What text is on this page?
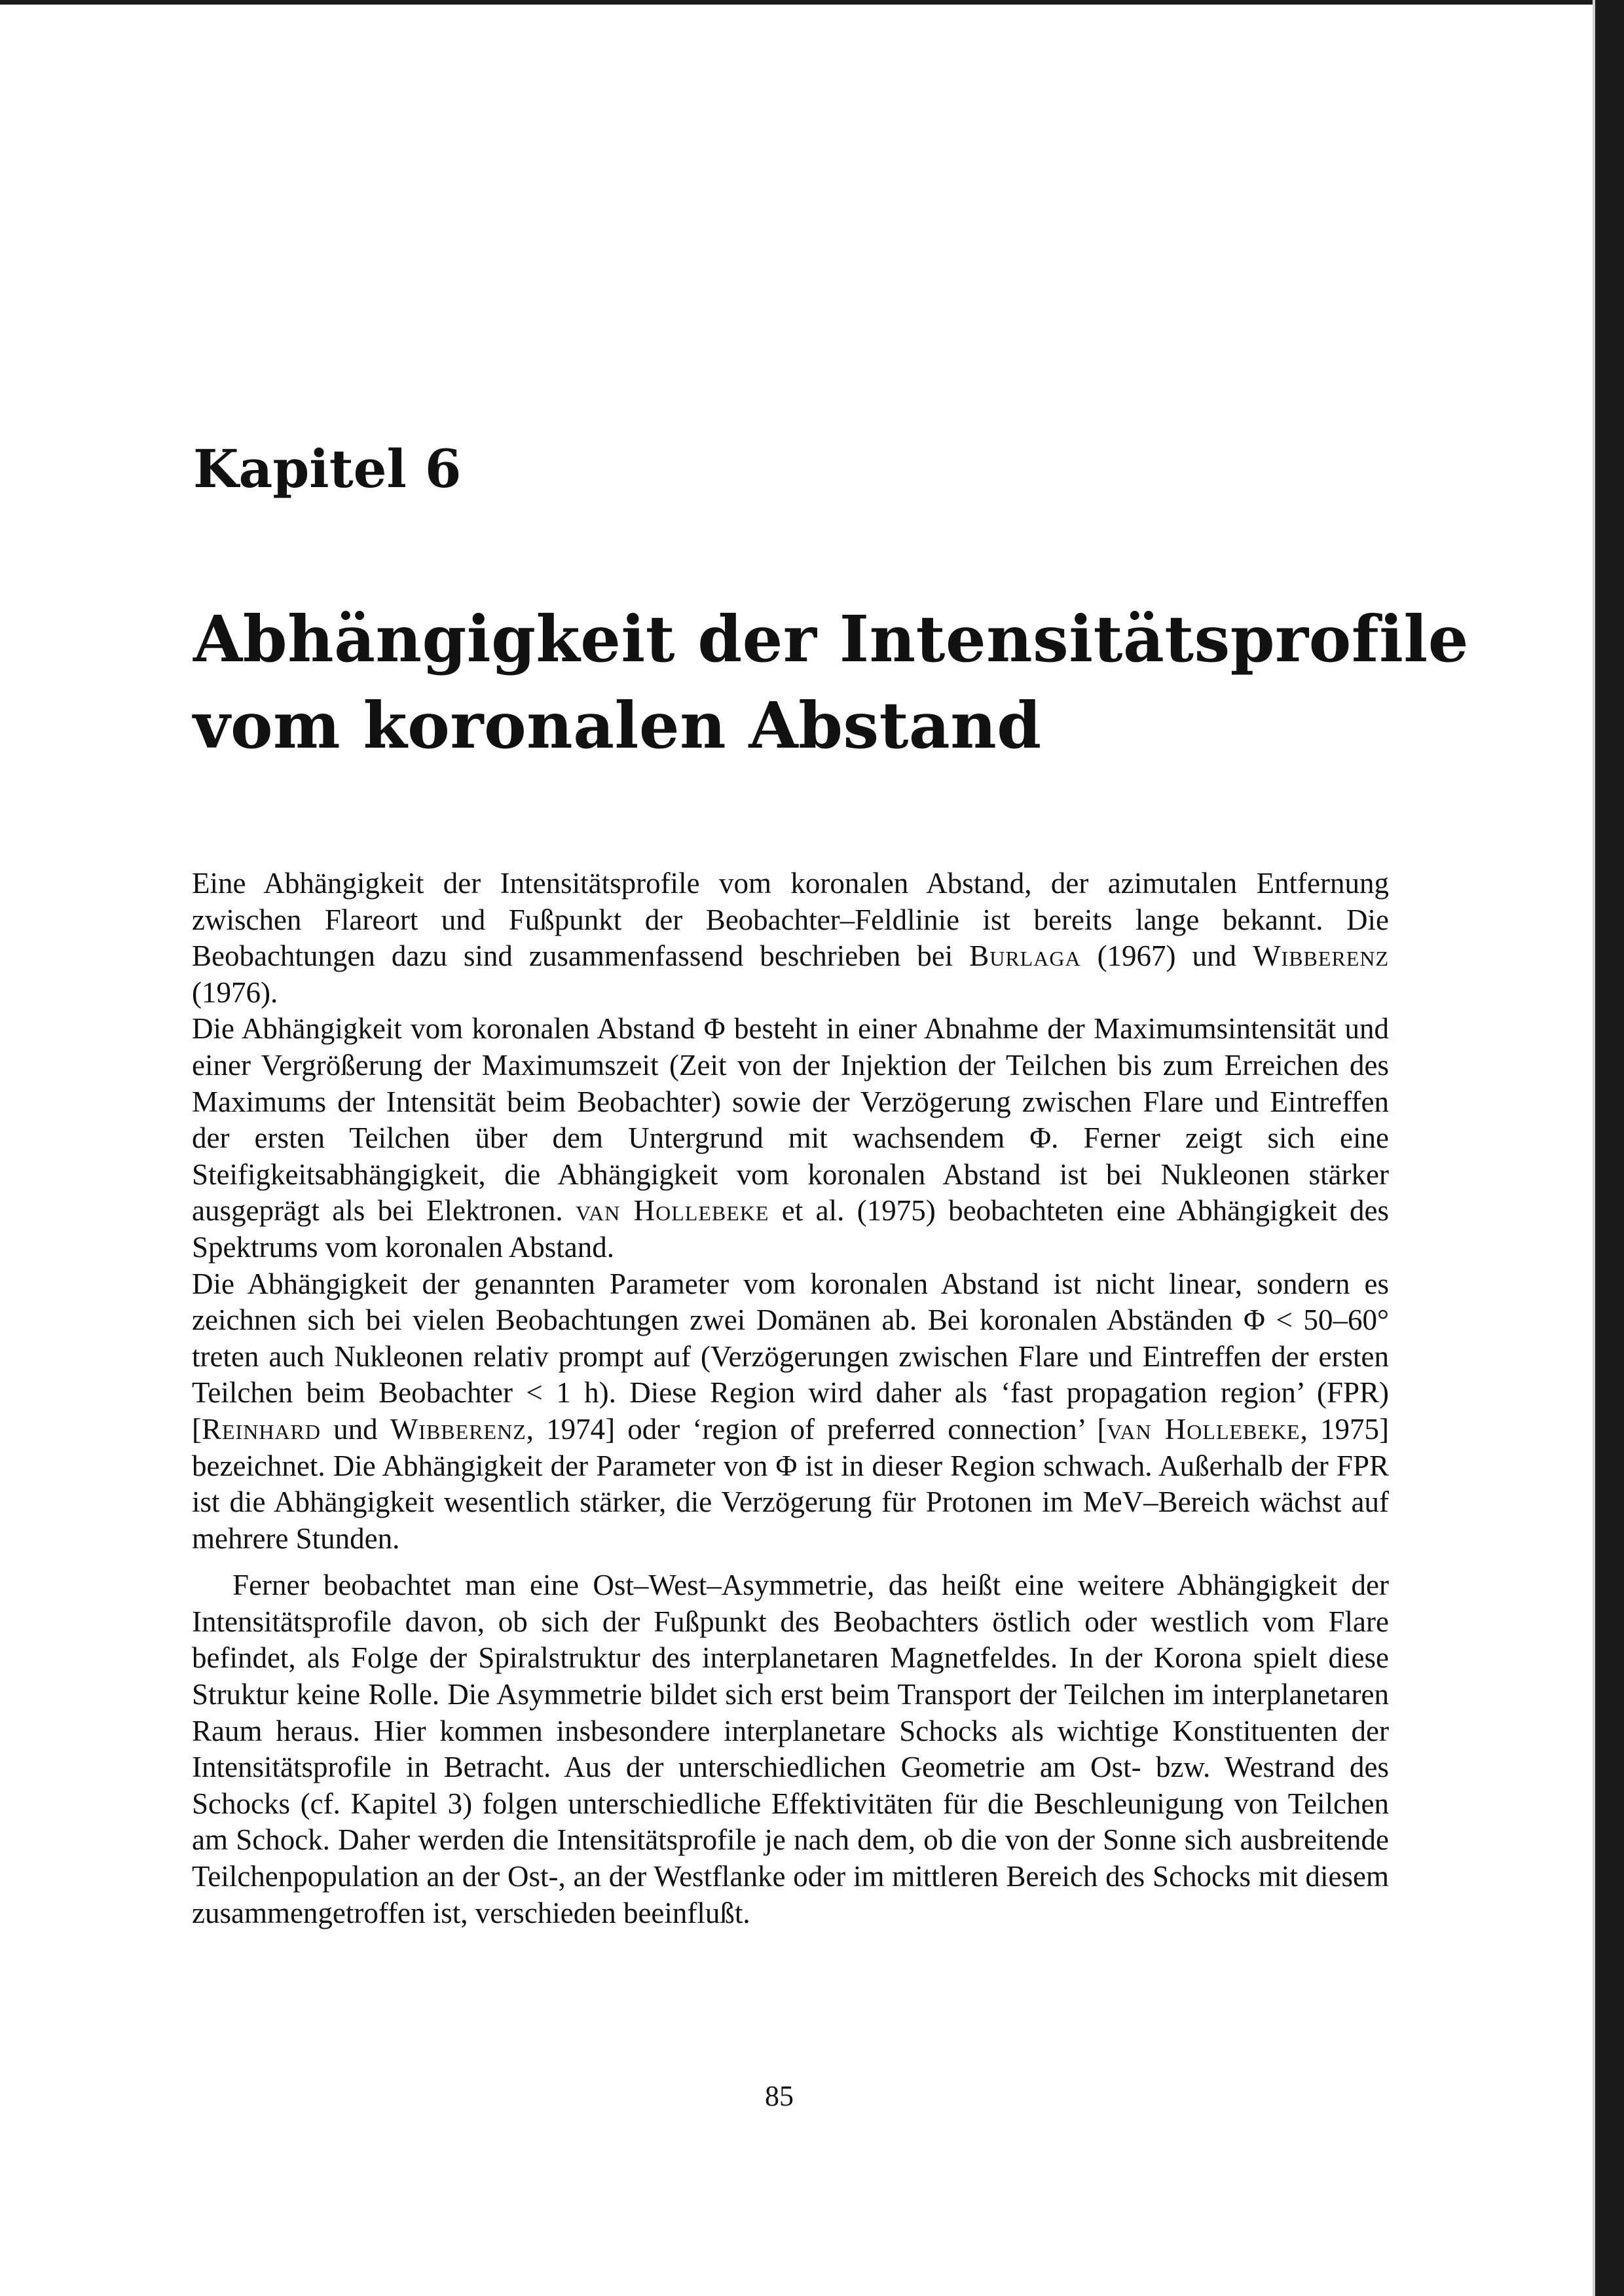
Kapitel 6
Abhängigkeit der Intensitätsprofile
vom koronalen Abstand

Eine Abhängigkeit der Intensitätsprofile vom koronalen Abstand, der azimutalen Entfernung zwischen Flareort und Fußpunkt der Beobachter–Feldlinie ist bereits lange bekannt. Die Beobachtungen dazu sind zusammenfassend beschrieben bei Burlaga (1967) und Wibberenz (1976).

Die Abhängigkeit vom koronalen Abstand Φ besteht in einer Abnahme der Maximumsintensität und einer Vergrößerung der Maximumszeit (Zeit von der Injektion der Teilchen bis zum Erreichen des Maximums der Intensität beim Beobachter) sowie der Verzögerung zwischen Flare und Eintreffen der ersten Teilchen über dem Untergrund mit wachsendem Φ. Ferner zeigt sich eine Steifigkeitsabhängigkeit, die Abhängigkeit vom koronalen Abstand ist bei Nukleonen stärker ausgeprägt als bei Elektronen. van Hollebeke et al. (1975) beobachteten eine Abhängigkeit des Spektrums vom koronalen Abstand.

Die Abhängigkeit der genannten Parameter vom koronalen Abstand ist nicht linear, sondern es zeichnen sich bei vielen Beobachtungen zwei Domänen ab. Bei koronalen Abständen Φ < 50–60° treten auch Nukleonen relativ prompt auf (Verzögerungen zwischen Flare und Eintreffen der ersten Teilchen beim Beobachter < 1 h). Diese Region wird daher als ‘fast propagation region’ (FPR) [Reinhard und Wibberenz, 1974] oder ‘region of preferred connection’ [van Hollebeke, 1975] bezeichnet. Die Abhängigkeit der Parameter von Φ ist in dieser Region schwach. Außerhalb der FPR ist die Abhängigkeit wesentlich stärker, die Verzögerung für Protonen im MeV–Bereich wächst auf mehrere Stunden.

Ferner beobachtet man eine Ost–West–Asymmetrie, das heißt eine weitere Abhängigkeit der Intensitätsprofile davon, ob sich der Fußpunkt des Beobachters östlich oder westlich vom Flare befindet, als Folge der Spiralstruktur des interplanetaren Magnetfeldes. In der Korona spielt diese Struktur keine Rolle. Die Asymmetrie bildet sich erst beim Transport der Teilchen im interplanetaren Raum heraus. Hier kommen insbesondere interplanetare Schocks als wichtige Konstituenten der Intensitätsprofile in Betracht. Aus der unterschiedlichen Geometrie am Ost- bzw. Westrand des Schocks (cf. Kapitel 3) folgen unterschiedliche Effektivitäten für die Beschleunigung von Teilchen am Schock. Daher werden die Intensitätsprofile je nach dem, ob die von der Sonne sich ausbreitende Teilchenpopulation an der Ost-, an der Westflanke oder im mittleren Bereich des Schocks mit diesem zusammengetroffen ist, verschieden beeinflußt.

85
